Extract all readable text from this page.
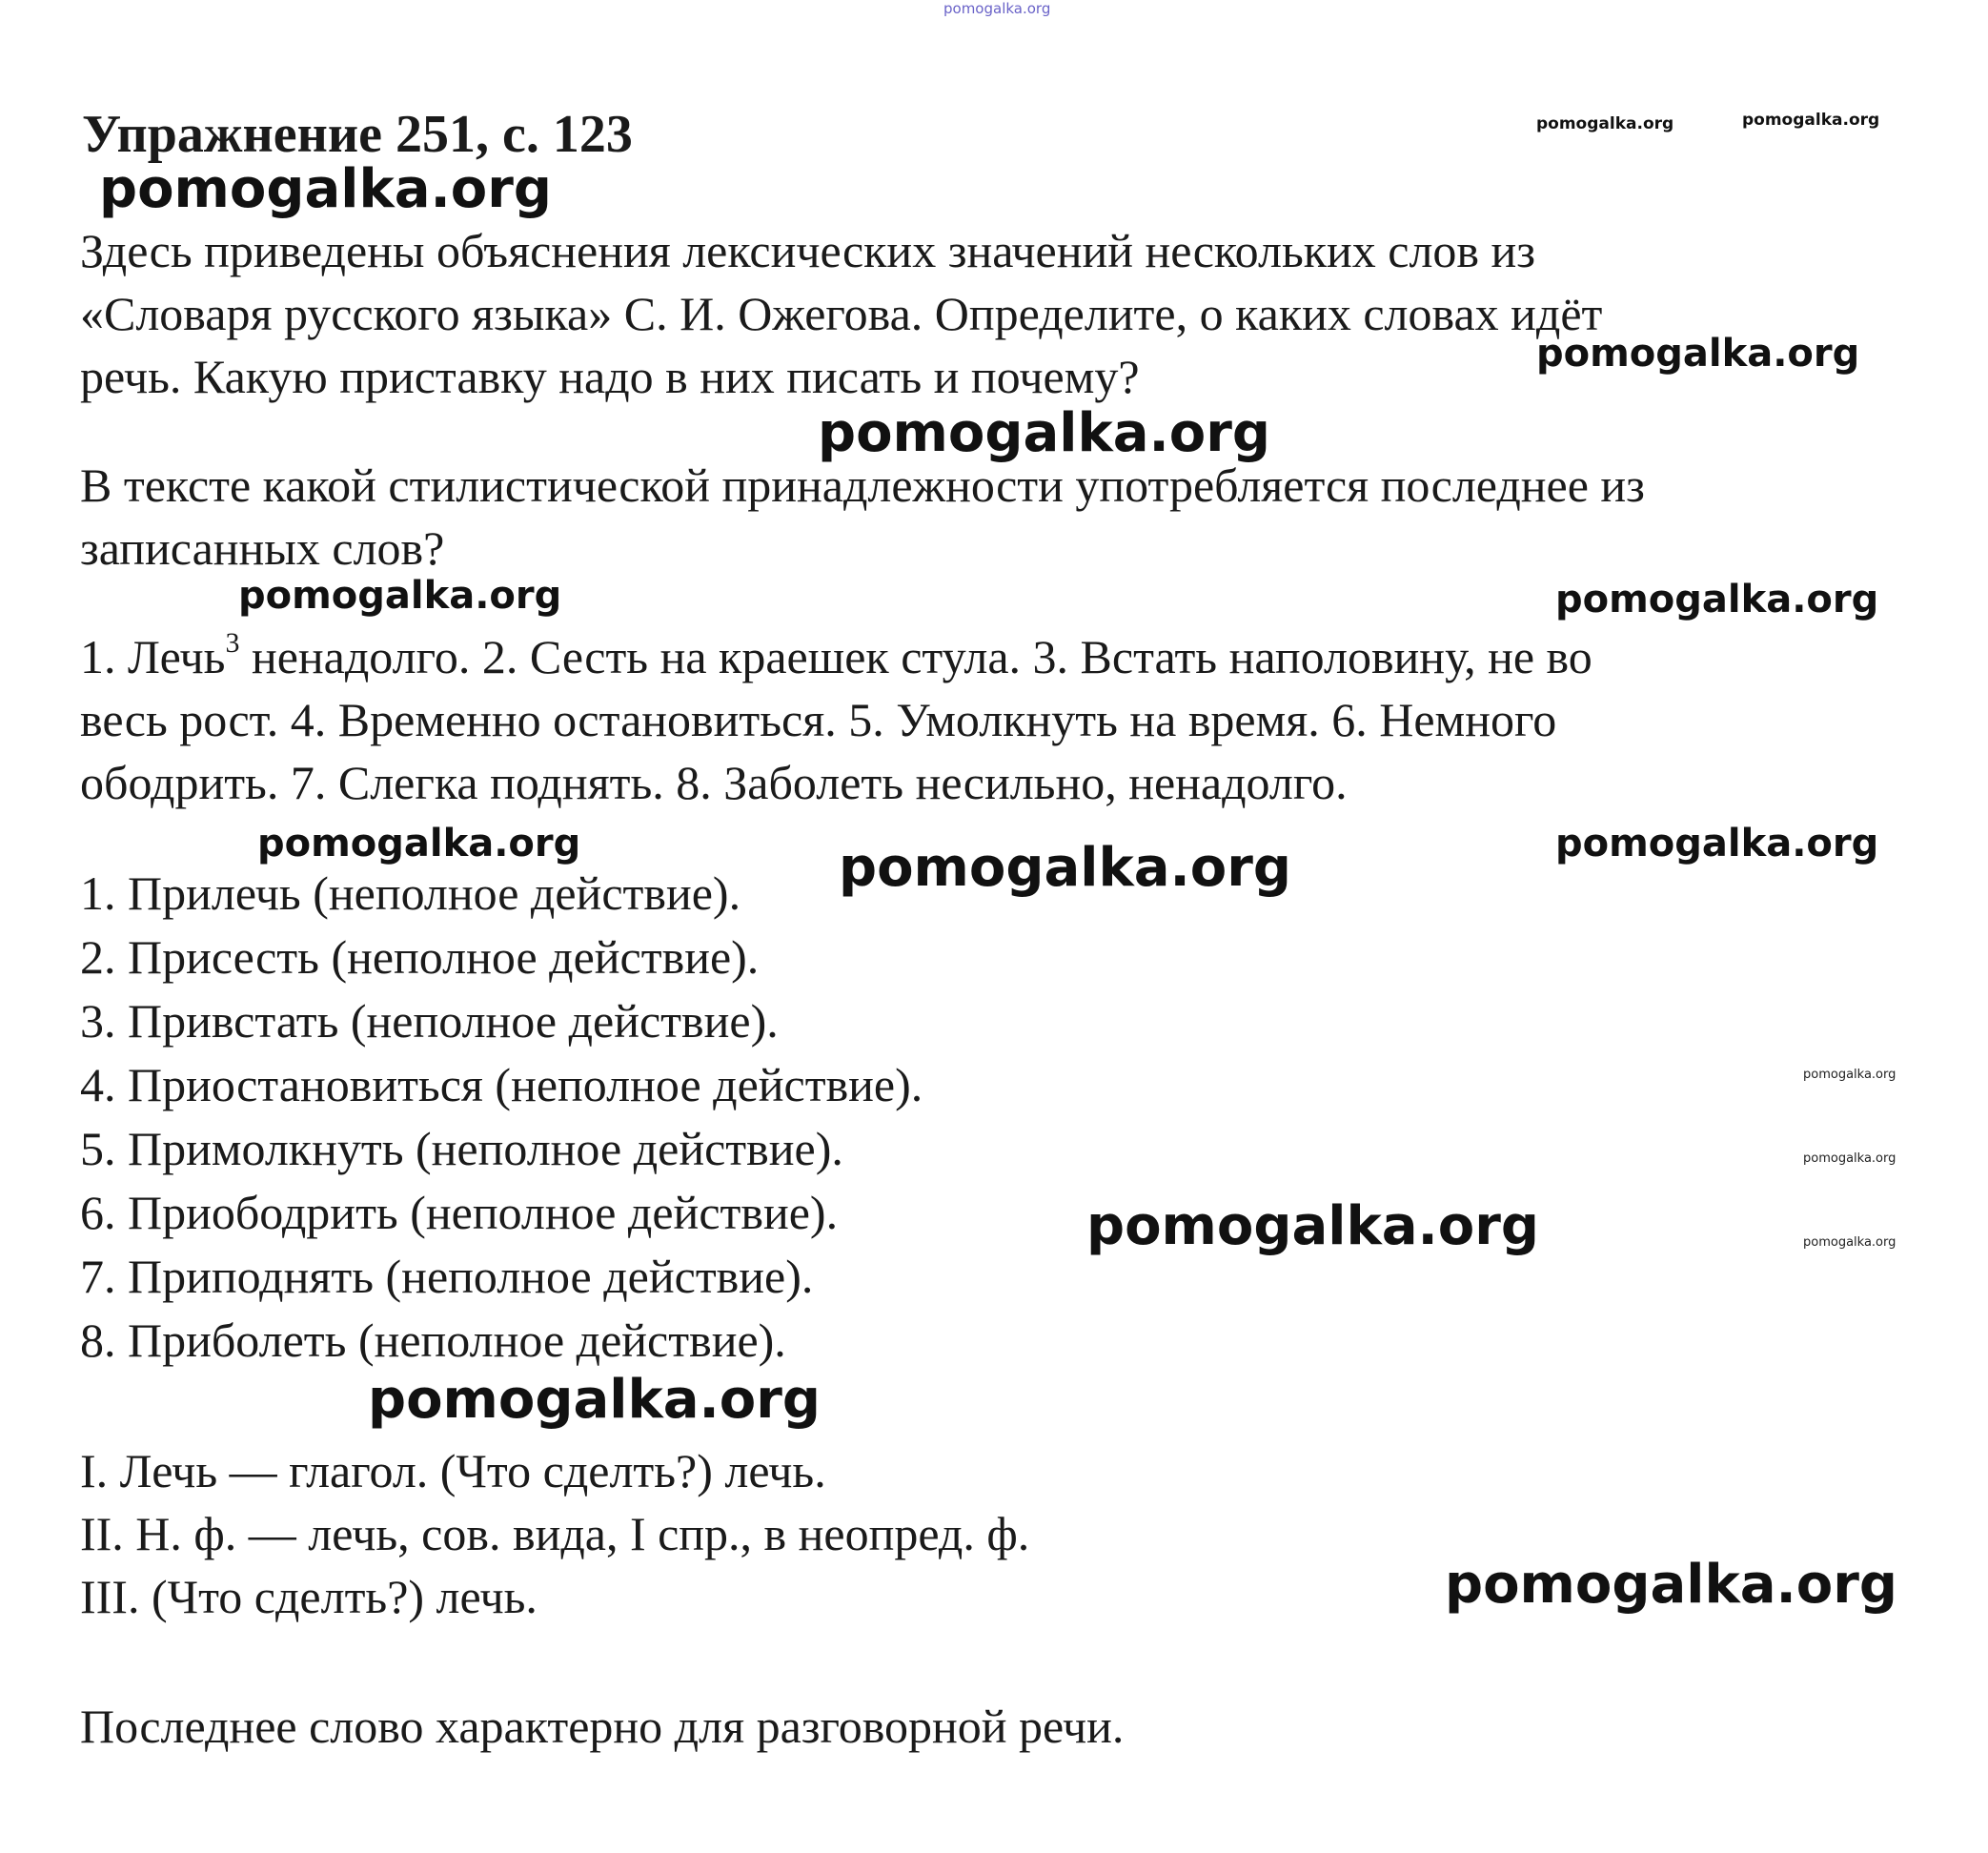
Упражнение 251, с. 123
Здесь приведены объяснения лексических значений нескольких слов из
«Словаря русского языка» С. И. Ожегова. Определите, о каких словах идёт
речь. Какую приставку надо в них писать и почему?
В тексте какой стилистической принадлежности употребляется последнее из
записанных слов?
1. Лечь$^3$ ненадолго. 2. Сесть на краешек стула. 3. Встать наполовину, не во
весь рост. 4. Временно остановиться. 5. Умолкнуть на время. 6. Немного
ободрить. 7. Слегка поднять. 8. Заболеть несильно, ненадолго.
1. Прилечь (неполное действие).
2. Присесть (неполное действие).
3. Привстать (неполное действие).
4. Приостановиться (неполное действие).
5. Примолкнуть (неполное действие).
6. Приободрить (неполное действие).
7. Приподнять (неполное действие).
8. Приболеть (неполное действие).
I. Лечь — глагол. (Что сделть?) лечь.
II. Н. ф. — лечь, сов. вида, I спр., в неопред. ф.
III. (Что сделть?) лечь.
Последнее слово характерно для разговорной речи.
pomogalka.org
pomogalka.org	pomogalka.org
pomogalka.org
pomogalka.org
pomogalka.org
pomogalka.org	pomogalka.org
pomogalka.org	pomogalka.org
pomogalka.org
pomogalka.org
pomogalka.org
pomogalka.org
pomogalka.org
pomogalka.org
pomogalka.org
